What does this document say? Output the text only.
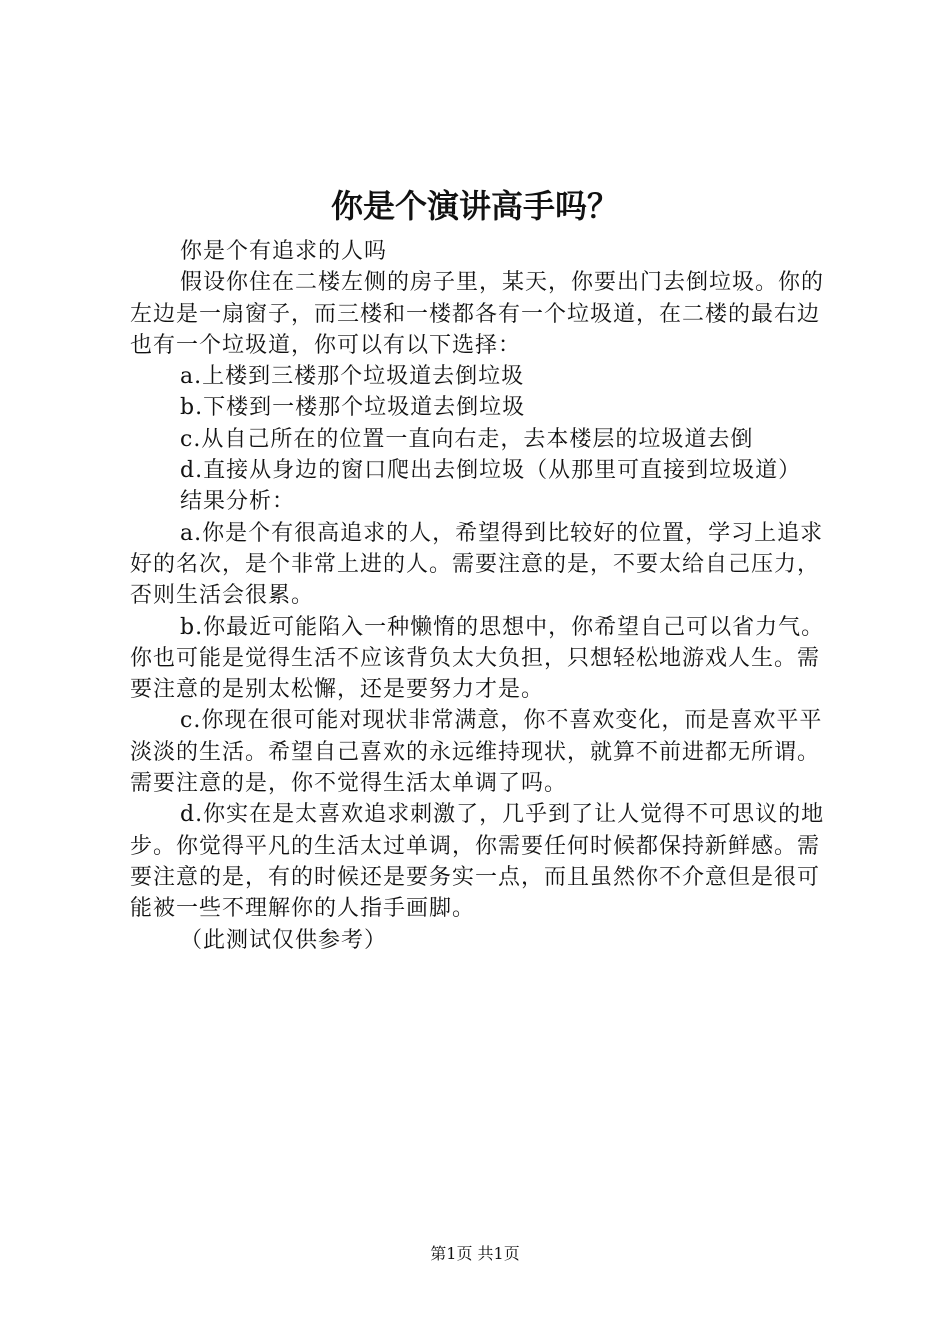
你是个演讲高手吗？

你是个有追求的人吗

假设你住在二楼左侧的房子里，某天，你要出门去倒垃圾。你的左边是一扇窗子，而三楼和一楼都各有一个垃圾道，在二楼的最右边也有一个垃圾道，你可以有以下选择：

a.上楼到三楼那个垃圾道去倒垃圾

b.下楼到一楼那个垃圾道去倒垃圾

c.从自己所在的位置一直向右走，去本楼层的垃圾道去倒

d.直接从身边的窗口爬出去倒垃圾（从那里可直接到垃圾道）

结果分析：

a.你是个有很高追求的人，希望得到比较好的位置，学习上追求好的名次，是个非常上进的人。需要注意的是，不要太给自己压力，否则生活会很累。

b.你最近可能陷入一种懒惰的思想中，你希望自己可以省力气。你也可能是觉得生活不应该背负太大负担，只想轻松地游戏人生。需要注意的是别太松懈，还是要努力才是。

c.你现在很可能对现状非常满意，你不喜欢变化，而是喜欢平平淡淡的生活。希望自己喜欢的永远维持现状，就算不前进都无所谓。需要注意的是，你不觉得生活太单调了吗。

d.你实在是太喜欢追求刺激了，几乎到了让人觉得不可思议的地步。你觉得平凡的生活太过单调，你需要任何时候都保持新鲜感。需要注意的是，有的时候还是要务实一点，而且虽然你不介意但是很可能被一些不理解你的人指手画脚。

（此测试仅供参考）

第1页 共1页
